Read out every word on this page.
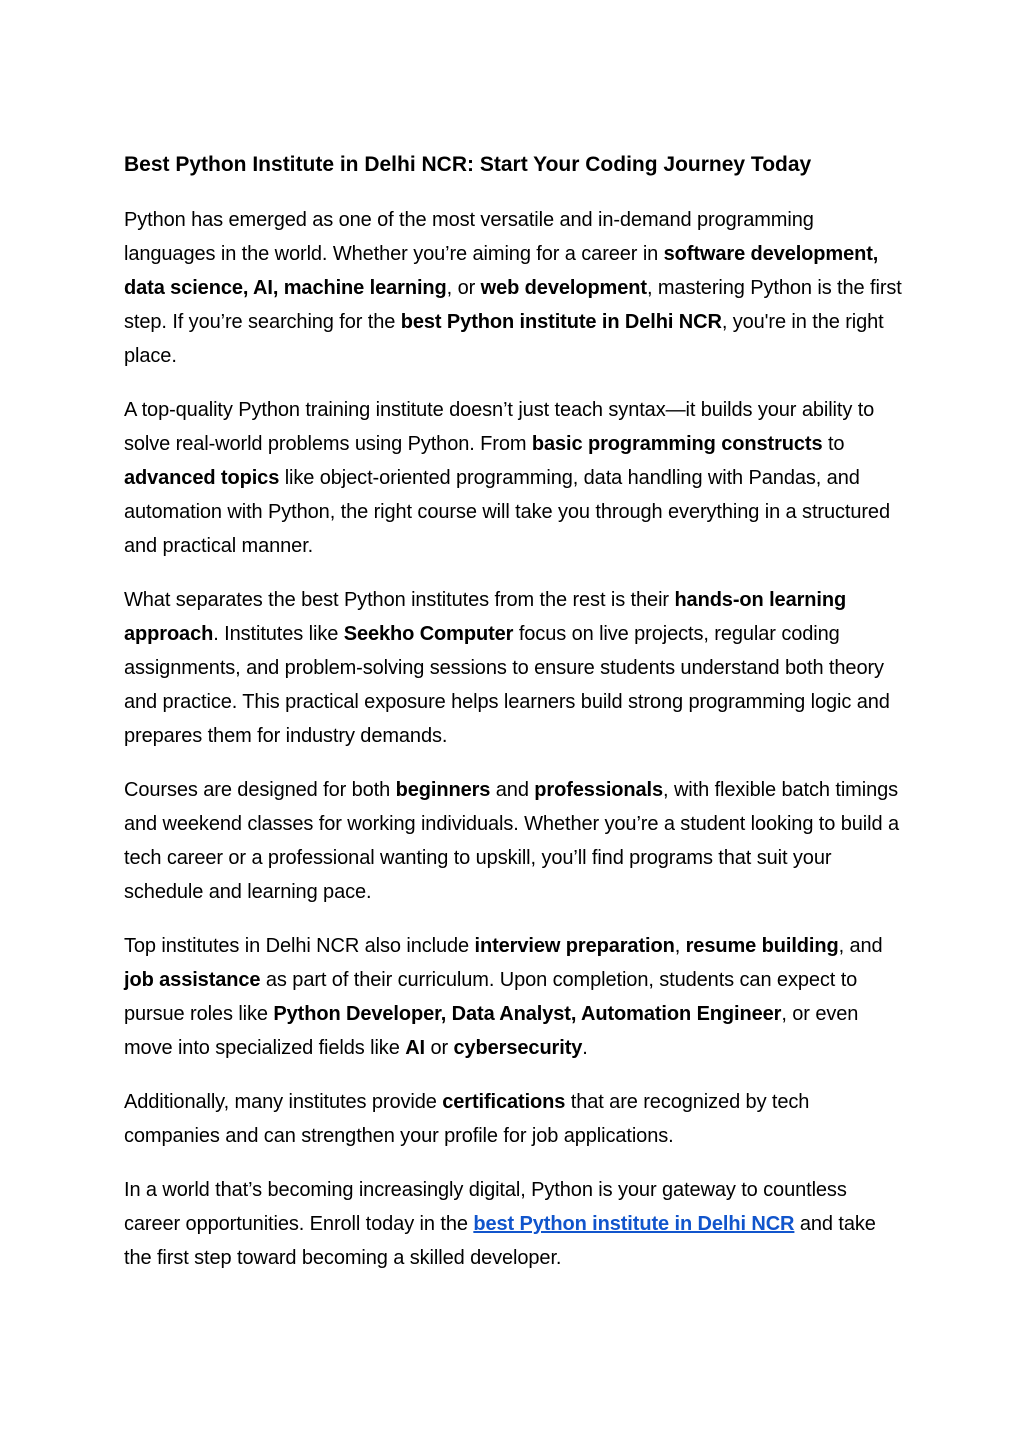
Best Python Institute in Delhi NCR: Start Your Coding Journey Today

Python has emerged as one of the most versatile and in-demand programming languages in the world. Whether you’re aiming for a career in software development, data science, AI, machine learning, or web development, mastering Python is the first step. If you’re searching for the best Python institute in Delhi NCR, you're in the right place.

A top-quality Python training institute doesn’t just teach syntax—it builds your ability to solve real-world problems using Python. From basic programming constructs to advanced topics like object-oriented programming, data handling with Pandas, and automation with Python, the right course will take you through everything in a structured and practical manner.

What separates the best Python institutes from the rest is their hands-on learning approach. Institutes like Seekho Computer focus on live projects, regular coding assignments, and problem-solving sessions to ensure students understand both theory and practice. This practical exposure helps learners build strong programming logic and prepares them for industry demands.

Courses are designed for both beginners and professionals, with flexible batch timings and weekend classes for working individuals. Whether you’re a student looking to build a tech career or a professional wanting to upskill, you’ll find programs that suit your schedule and learning pace.

Top institutes in Delhi NCR also include interview preparation, resume building, and job assistance as part of their curriculum. Upon completion, students can expect to pursue roles like Python Developer, Data Analyst, Automation Engineer, or even move into specialized fields like AI or cybersecurity.

Additionally, many institutes provide certifications that are recognized by tech companies and can strengthen your profile for job applications.

In a world that’s becoming increasingly digital, Python is your gateway to countless career opportunities. Enroll today in the best Python institute in Delhi NCR and take the first step toward becoming a skilled developer.
